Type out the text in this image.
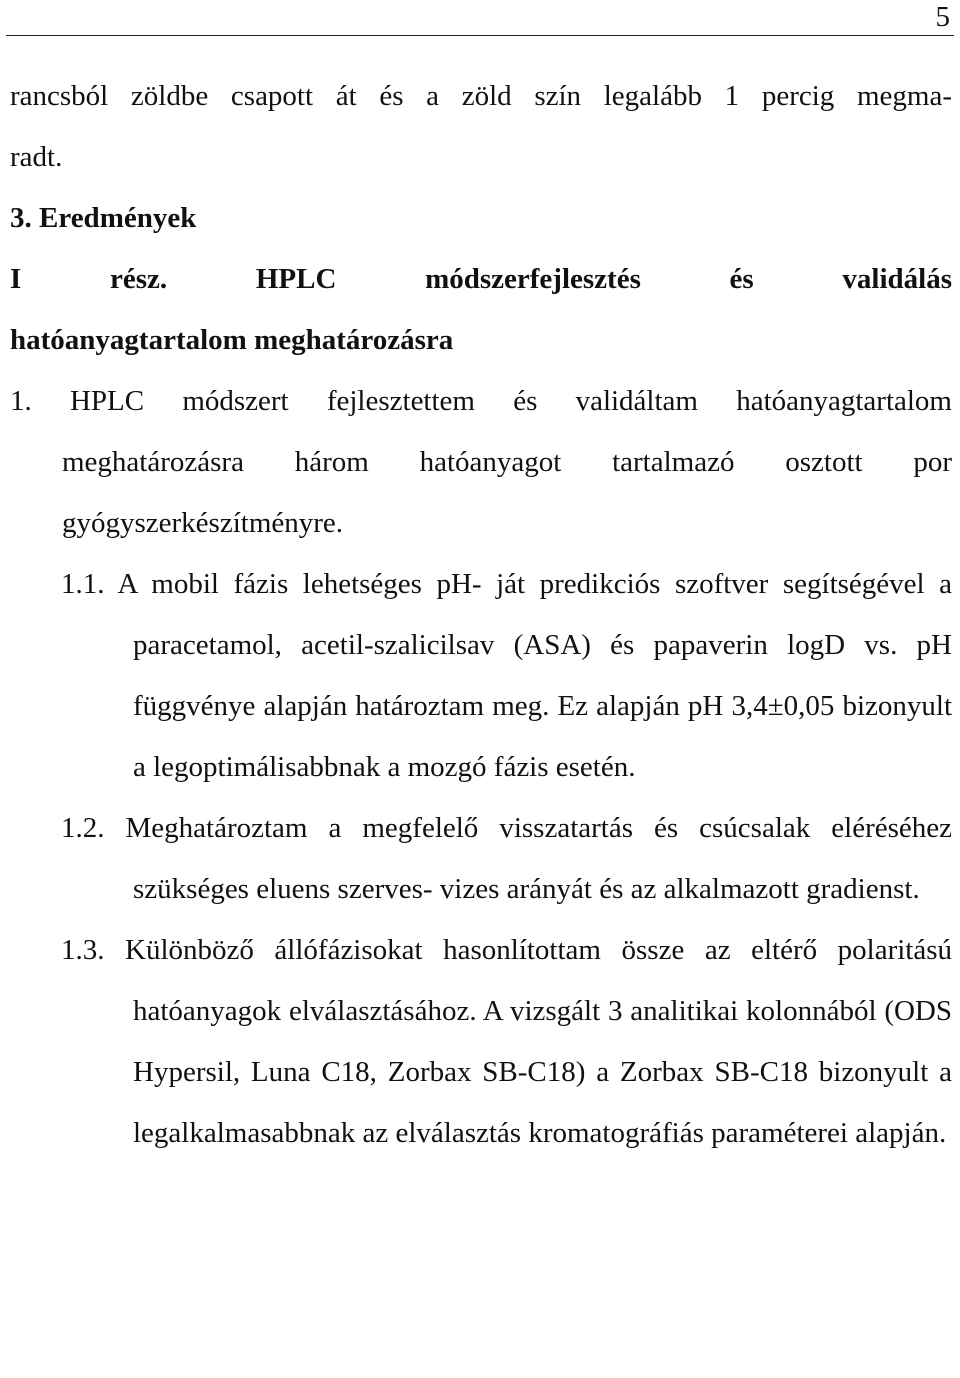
5

rancsból zöldbe csapott át és a zöld szín legalább 1 percig megma-

radt.

3. Eredmények

I rész. HPLC módszerfejlesztés és validálás

hatóanyagtartalom meghatározásra

1. HPLC módszert fejlesztettem és validáltam hatóanyagtartalom meghatározásra három hatóanyagot tartalmazó osztott por gyógyszerkészítményre.

1.1. A mobil fázis lehetséges pH- ját predikciós szoftver segítségével a paracetamol, acetil-szalicilsav (ASA) és papaverin logD vs. pH függvénye alapján határoztam meg. Ez alapján pH 3,4±0,05 bizonyult a legoptimálisabbnak a mozgó fázis esetén.

1.2. Meghatároztam a megfelelő visszatartás és csúcsalak eléréséhez szükséges eluens szerves- vizes arányát és az alkalmazott gradienst.

1.3. Különböző állófázisokat hasonlítottam össze az eltérő polaritású hatóanyagok elválasztásához. A vizsgált 3 analitikai kolonnából (ODS Hypersil, Luna C18, Zorbax SB-C18) a Zorbax SB-C18 bizonyult a legalkalmasabbnak az elválasztás kromatográfiás paraméterei alapján.
